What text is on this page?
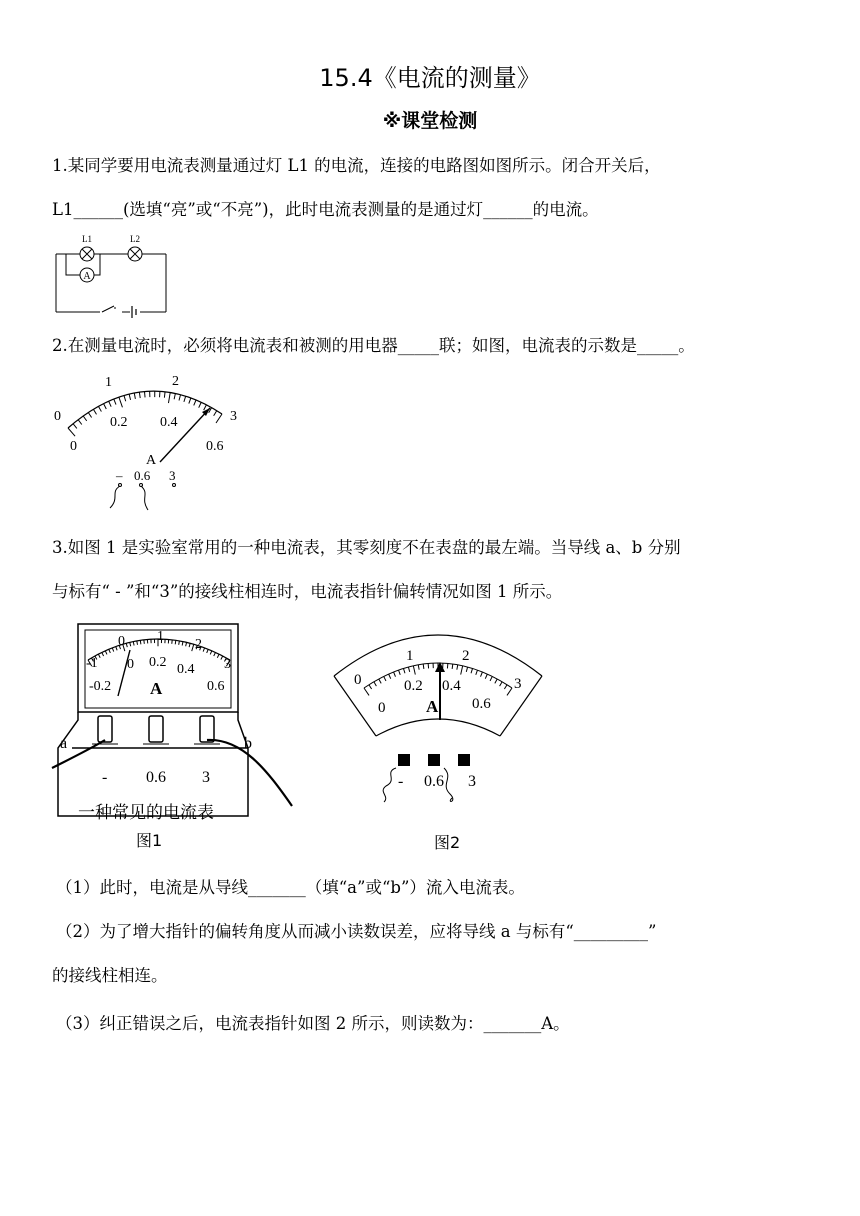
15.4《电流的测量》
※课堂检测
1.某同学要用电流表测量通过灯 L1 的电流，连接的电路图如图所示。闭合开关后，
L1______(选填“亮”或“不亮”)，此时电流表测量的是通过灯______的电流。
A
L1	L2
2.在测量电流时，必须将电流表和被测的用电器_____联；如图，电流表的示数是_____。
0
1	2
3
0
0.2 0.4
0.6
A
– 0.6 3
3.如图 1 是实验室常用的一种电流表，其零刻度不在表盘的最左端。当导线 a、b 分别
与标有“ - ”和“3”的接线柱相连时，电流表指针偏转情况如图 1 所示。
-1
0 1
2
3
-0.2
0 0.2 0.4
0.6
A
a	b
- 0.6 3
一种常见的电流表
图1
0
1	2
3
0
0.2 0.4
0.6
A
- 0.6 3
图2
（1）此时，电流是从导线_______（填“a”或“b”）流入电流表。
（2）为了增大指针的偏转角度从而减小读数误差，应将导线 a 与标有“_________”
的接线柱相连。
（3）纠正错误之后，电流表指针如图 2 所示，则读数为：_______A。
